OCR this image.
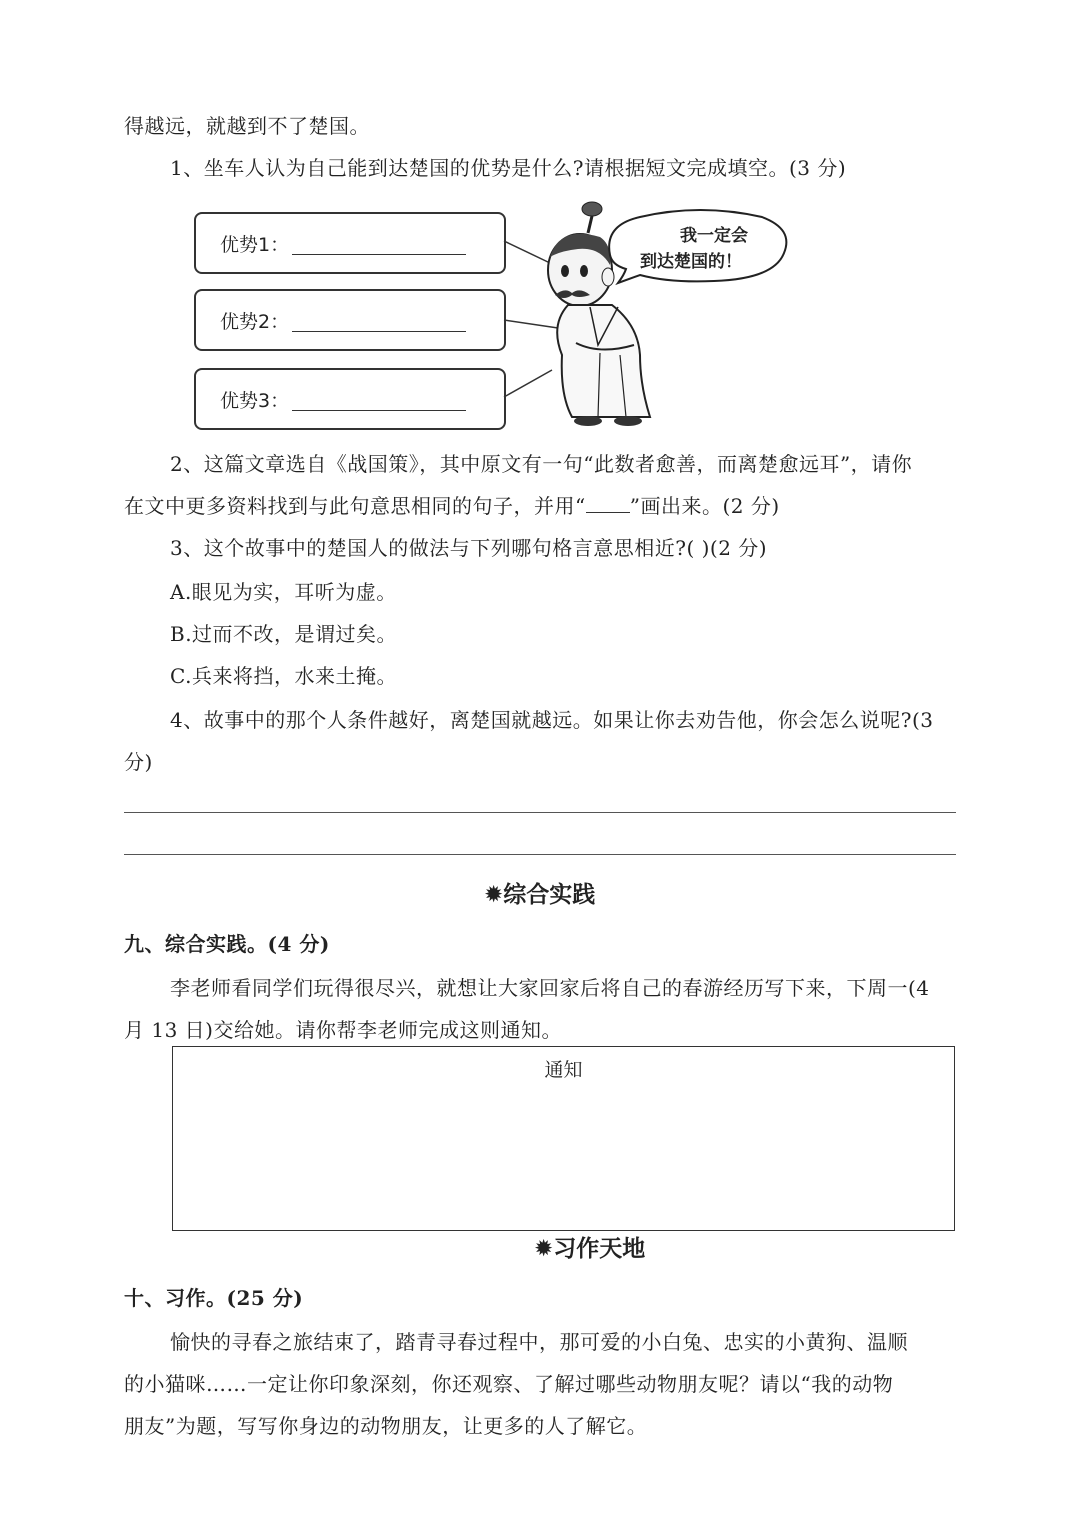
得越远，就越到不了楚国。
1、坐车人认为自己能到达楚国的优势是什么?请根据短文完成填空。(3 分)
优势1：
优势2：
优势3：
我一定会
到达楚国的！
2、这篇文章选自《战国策》，其中原文有一句“此数者愈善，而离楚愈远耳”，请你
在文中更多资料找到与此句意思相同的句子，并用“ ”画出来。(2 分)
3、这个故事中的楚国人的做法与下列哪句格言意思相近?( )(2 分)
A.眼见为实，耳听为虚。
B.过而不改，是谓过矣。
C.兵来将挡，水来土掩。
4、故事中的那个人条件越好，离楚国就越远。如果让你去劝告他，你会怎么说呢?(3
分)
✹综合实践
九、综合实践。(4 分)
李老师看同学们玩得很尽兴，就想让大家回家后将自己的春游经历写下来，下周一(4
月 13 日)交给她。请你帮李老师完成这则通知。
通知
✹习作天地
十、习作。(25 分)
愉快的寻春之旅结束了，踏青寻春过程中，那可爱的小白兔、忠实的小黄狗、温顺
的小猫咪……一定让你印象深刻，你还观察、了解过哪些动物朋友呢？请以“我的动物
朋友”为题，写写你身边的动物朋友，让更多的人了解它。
